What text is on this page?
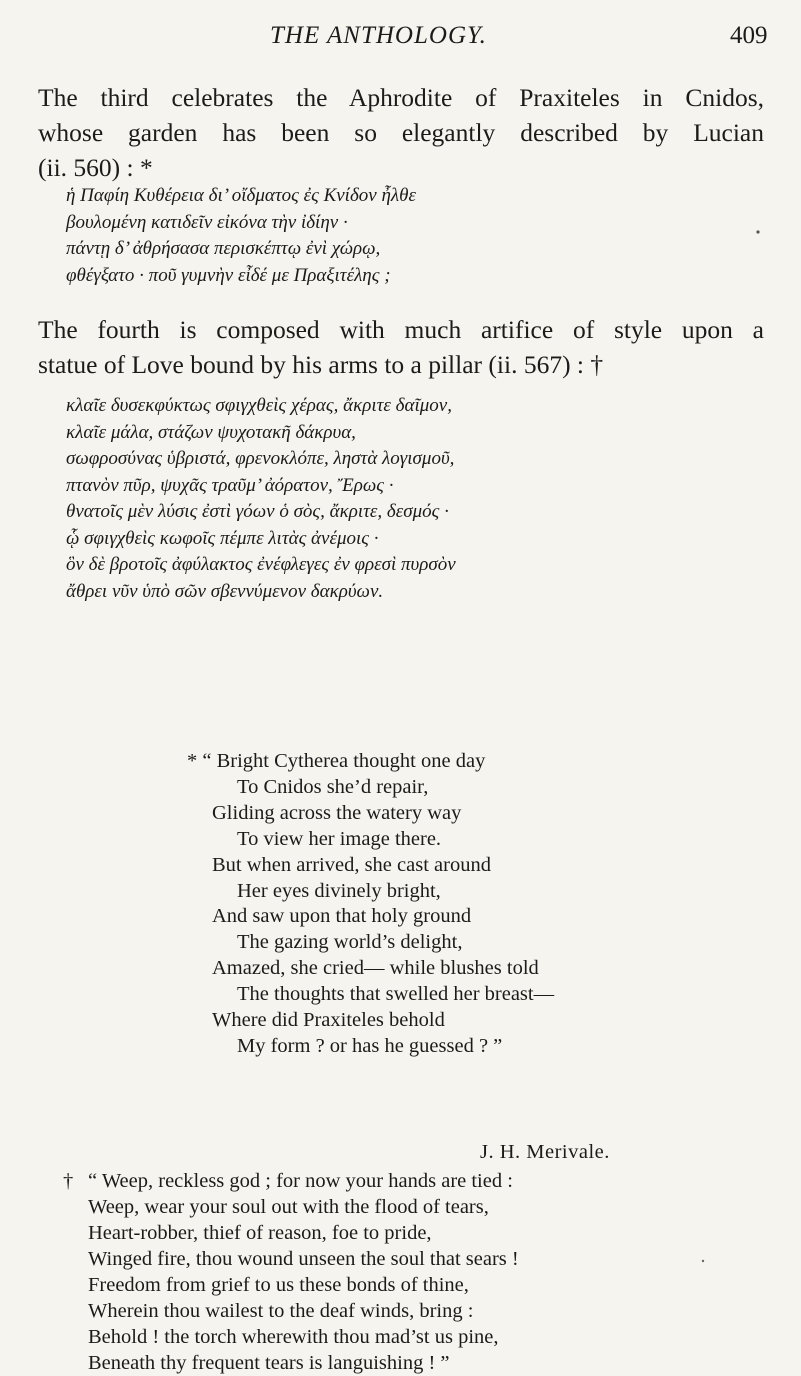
THE ANTHOLOGY.	409

The third celebrates the Aphrodite of Praxiteles in Cnidos,
whose garden has been so elegantly described by Lucian
(ii. 560) : *

ἡ Παφίη Κυθέρεια δι’ οἴδματος ἐς Κνίδον ἦλθε
βουλομένη κατιδεῖν εἰκόνα τὴν ἰδίην ·
πάντῃ δ’ ἀθρήσασα περισκέπτῳ ἐνὶ χώρῳ,
φθέγξατο · ποῦ γυμνὴν εἶδέ με Πραξιτέλης ;

The fourth is composed with much artifice of style upon a
statue of Love bound by his arms to a pillar (ii. 567) : †

κλαῖε δυσεκφύκτως σφιγχθεὶς χέρας, ἄκριτε δαῖμον,
κλαῖε μάλα, στάζων ψυχοτακῆ δάκρυα,
σωφροσύνας ὑβριστά, φρενοκλόπε, ληστὰ λογισμοῦ,
πτανὸν πῦρ, ψυχᾶς τραῦμ’ ἀόρατον, Ἔρως ·
θνατοῖς μὲν λύσις ἐστὶ γόων ὁ σὸς, ἄκριτε, δεσμός ·
ᾧ σφιγχθεὶς κωφοῖς πέμπε λιτὰς ἀνέμοις ·
ὃν δὲ βροτοῖς ἀφύλακτος ἐνέφλεγες ἐν φρεσὶ πυρσὸν
ἄθρει νῦν ὑπὸ σῶν σβεννύμενον δακρύων.

* “ Bright Cytherea thought one day
To Cnidos she’d repair,
Gliding across the watery way
To view her image there.
But when arrived, she cast around
Her eyes divinely bright,
And saw upon that holy ground
The gazing world’s delight,
Amazed, she cried— while blushes told
The thoughts that swelled her breast—
Where did Praxiteles behold
My form ? or has he guessed ? ”

J. H. Merivale.

† “ Weep, reckless god ; for now your hands are tied :
Weep, wear your soul out with the flood of tears,
Heart-robber, thief of reason, foe to pride,
Winged fire, thou wound unseen the soul that sears !
Freedom from grief to us these bonds of thine,
Wherein thou wailest to the deaf winds, bring :
Behold ! the torch wherewith thou mad’st us pine,
Beneath thy frequent tears is languishing ! ”
